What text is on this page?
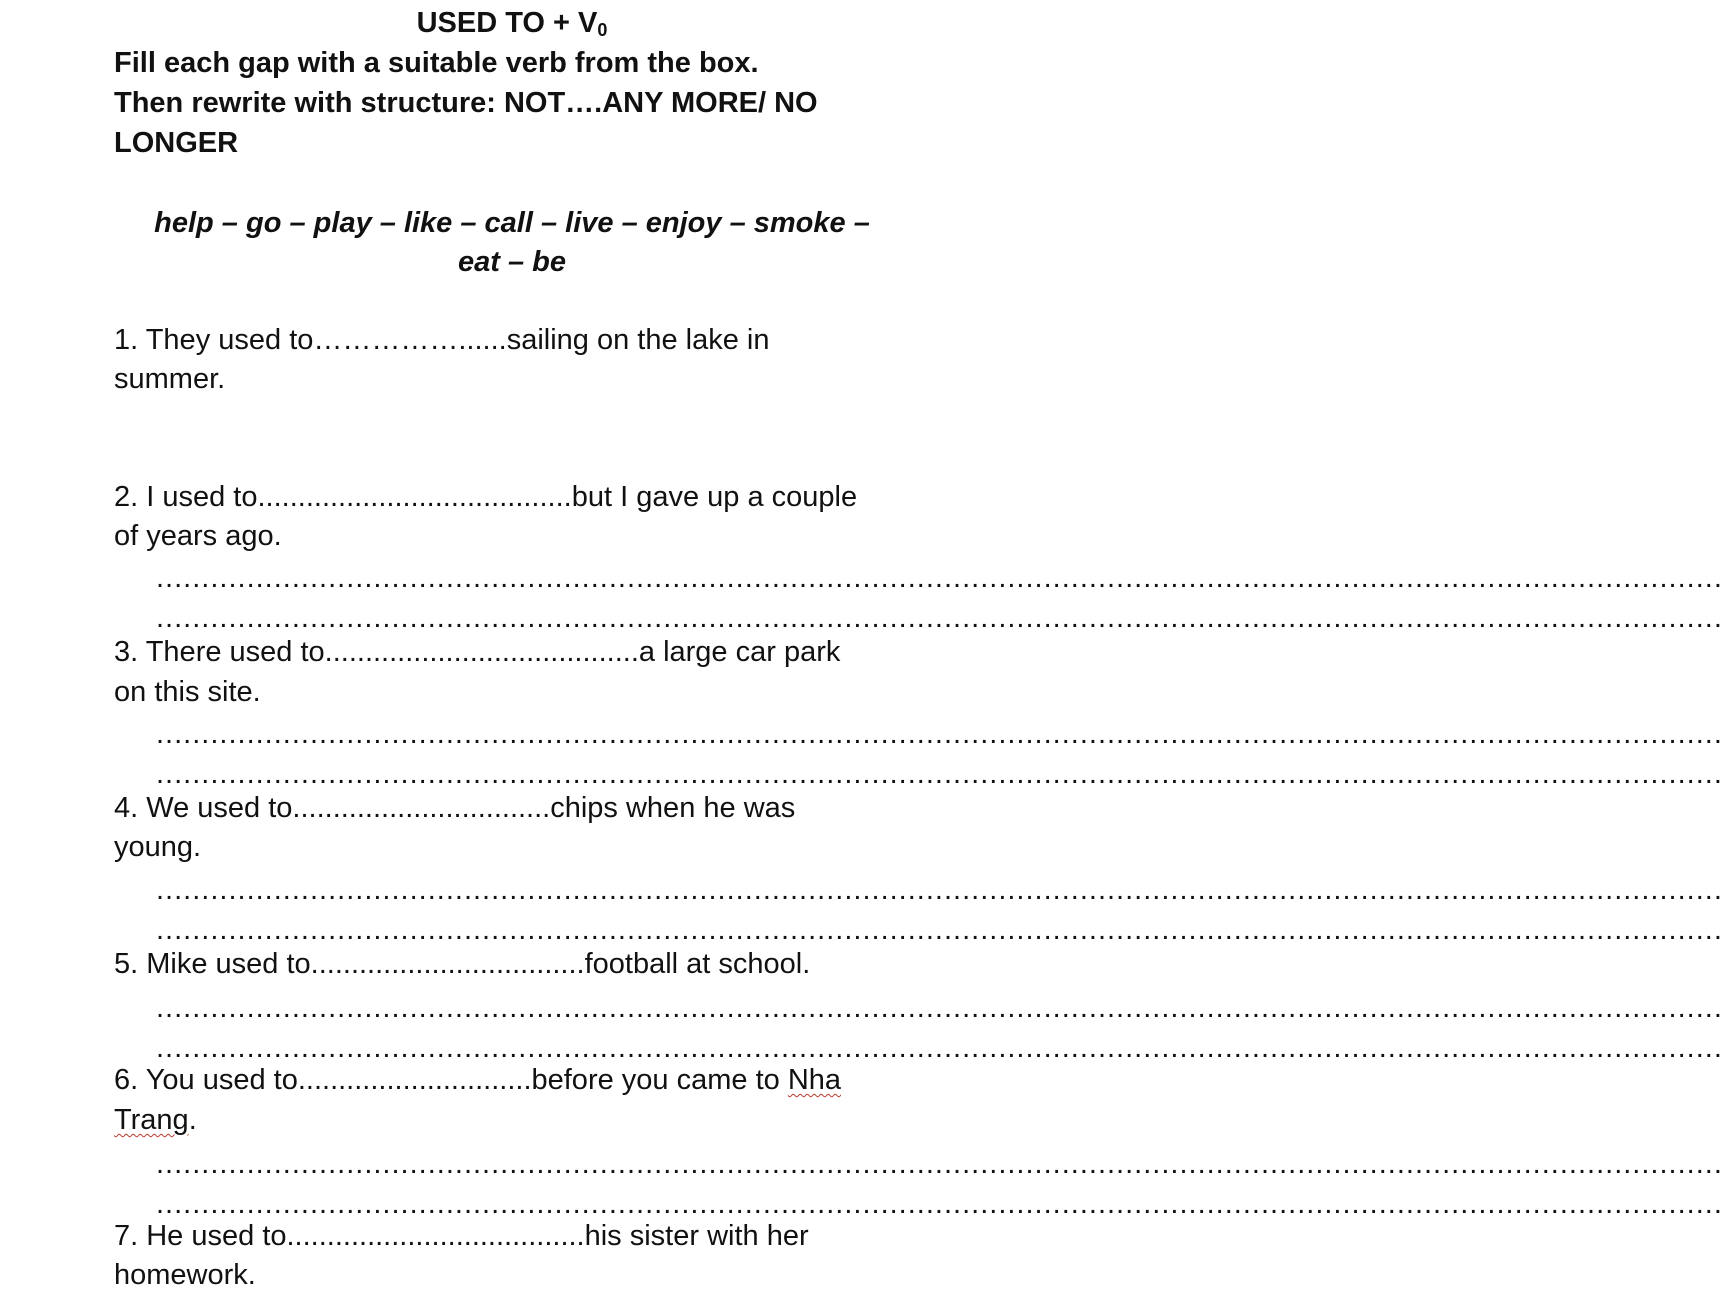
USED TO + V0
Fill each gap with a suitable verb from the box.
Then rewrite with structure: NOT….ANY MORE/ NO
LONGER
help – go – play – like – call – live – enjoy – smoke –
eat – be
1. They used to……………......sailing on the lake in
summer.
2. I used to.......................................but I gave up a couple
of years ago.
.............................................................................................................................................................................
.............................................................................................................................................................................
3. There used to.......................................a large car park
on this site.
.............................................................................................................................................................................
.............................................................................................................................................................................
4. We used to................................chips when he was
young.
.............................................................................................................................................................................
.............................................................................................................................................................................
5. Mike used to..................................football at school.
.............................................................................................................................................................................
.............................................................................................................................................................................
6. You used to.............................before you came to Nha
Trang.
.............................................................................................................................................................................
.............................................................................................................................................................................
7. He used to.....................................his sister with her
homework.
